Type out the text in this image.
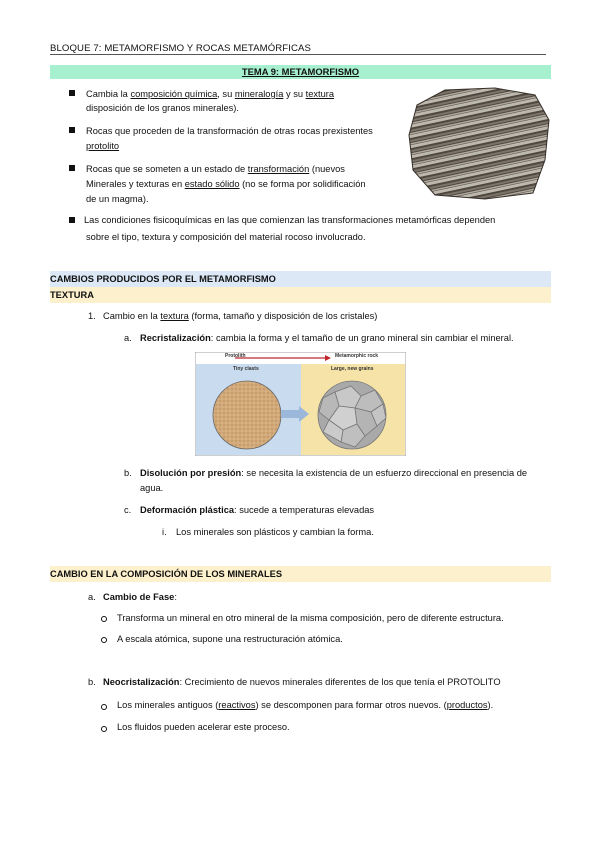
BLOQUE 7: METAMORFISMO Y ROCAS METAMÓRFICAS
TEMA 9: METAMORFISMO
Cambia la composición química, su mineralogía y su textura
disposición de los granos minerales).
Rocas que proceden de la transformación de otras rocas prexistentes
protolito
Rocas que se someten a un estado de transformación (nuevos
Minerales y texturas en estado sólido (no se forma por solidificación
de un magma).
Las condiciones fisicoquímicas en las que comienzan las transformaciones metamórficas dependen
sobre el tipo, textura y composición del material rocoso involucrado.
CAMBIOS PRODUCIDOS POR EL METAMORFISMO
TEXTURA
1. Cambio en la textura (forma, tamaño y disposición de los cristales)
a. Recristalización: cambia la forma y el tamaño de un grano mineral sin cambiar el mineral.
Protolith	Metamorphic rock
Tiny clasts	Large, new grains
b. Disolución por presión: se necesita la existencia de un esfuerzo direccional en presencia de
agua.
c. Deformación plástica: sucede a temperaturas elevadas
i. Los minerales son plásticos y cambian la forma.
CAMBIO EN LA COMPOSICIÓN DE LOS MINERALES
a. Cambio de Fase:
Transforma un mineral en otro mineral de la misma composición, pero de diferente estructura.
A escala atómica, supone una restructuración atómica.
b. Neocristalización: Crecimiento de nuevos minerales diferentes de los que tenía el PROTOLITO
Los minerales antiguos (reactivos) se descomponen para formar otros nuevos. (productos).
Los fluidos pueden acelerar este proceso.
